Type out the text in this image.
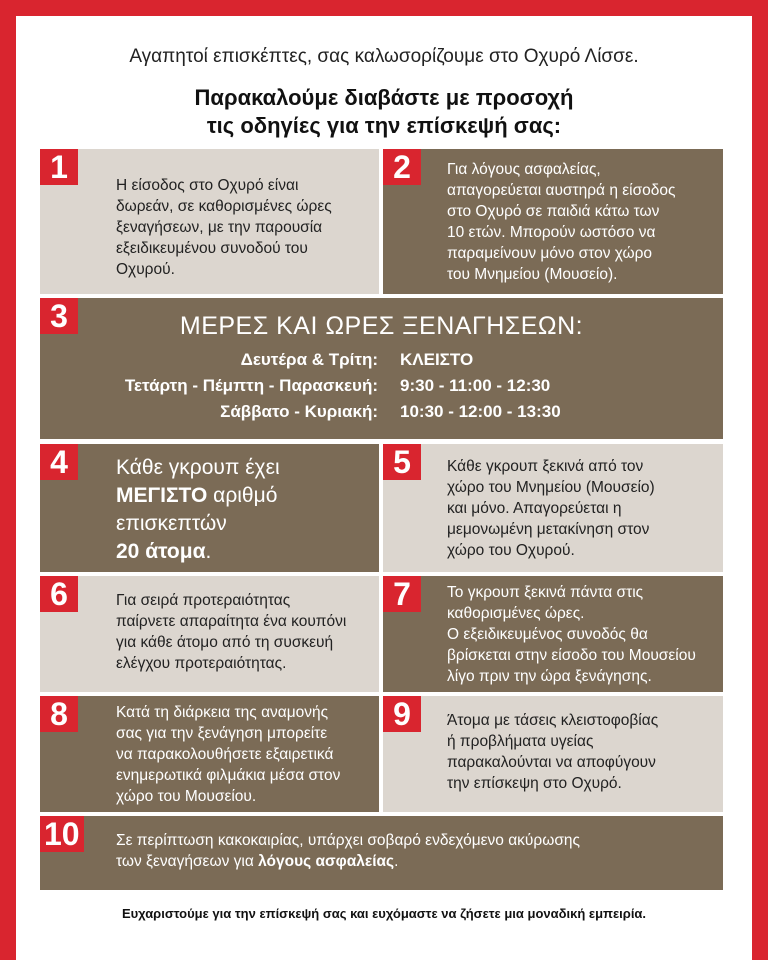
Αγαπητοί επισκέπτες, σας καλωσορίζουμε στο Οχυρό Λίσσε.
Παρακαλούμε διαβάστε με προσοχή
τις οδηγίες για την επίσκεψή σας:
1
Η είσοδος στο Οχυρό είναι
δωρεάν, σε καθορισμένες ώρες
ξεναγήσεων, με την παρουσία
εξειδικευμένου συνοδού του
Οχυρού.
2	Για λόγους ασφαλείας,
απαγορεύεται αυστηρά η είσοδος
στο Οχυρό σε παιδιά κάτω των
10 ετών. Μπορούν ωστόσο να
παραμείνουν μόνο στον χώρο
του Μνημείου (Μουσείο).
3	ΜΕΡΕΣ ΚΑΙ ΩΡΕΣ ΞΕΝΑΓΗΣΕΩΝ:
Δευτέρα & Τρίτη: ΚΛΕΙΣΤΟ
Τετάρτη - Πέμπτη - Παρασκευή: 9:30 - 11:00 - 12:30
Σάββατο - Κυριακή: 10:30 - 12:00 - 13:30
4	Κάθε γκρουπ έχει
ΜΕΓΙΣΤΟ αριθμό
επισκεπτών
20 άτομα.
5	Κάθε γκρουπ ξεκινά από τον
χώρο του Μνημείου (Μουσείο)
και μόνο. Απαγορεύεται η
μεμονωμένη μετακίνηση στον
χώρο του Οχυρού.
6	Για σειρά προτεραιότητας
παίρνετε απαραίτητα ένα κουπόνι
για κάθε άτομο από τη συσκευή
ελέγχου προτεραιότητας.
7	Το γκρουπ ξεκινά πάντα στις
καθορισμένες ώρες.
Ο εξειδικευμένος συνοδός θα
βρίσκεται στην είσοδο του Μουσείου
λίγο πριν την ώρα ξενάγησης.
8	Κατά τη διάρκεια της αναμονής
σας για την ξενάγηση μπορείτε
να παρακολουθήσετε εξαιρετικά
ενημερωτικά φιλμάκια μέσα στον
χώρο του Μουσείου.
9	Άτομα με τάσεις κλειστοφοβίας
ή προβλήματα υγείας
παρακαλούνται να αποφύγουν
την επίσκεψη στο Οχυρό.
10 Σε περίπτωση κακοκαιρίας, υπάρχει σοβαρό ενδεχόμενο ακύρωσης
των ξεναγήσεων για λόγους ασφαλείας.
Ευχαριστούμε για την επίσκεψή σας και ευχόμαστε να ζήσετε μια μοναδική εμπειρία.
